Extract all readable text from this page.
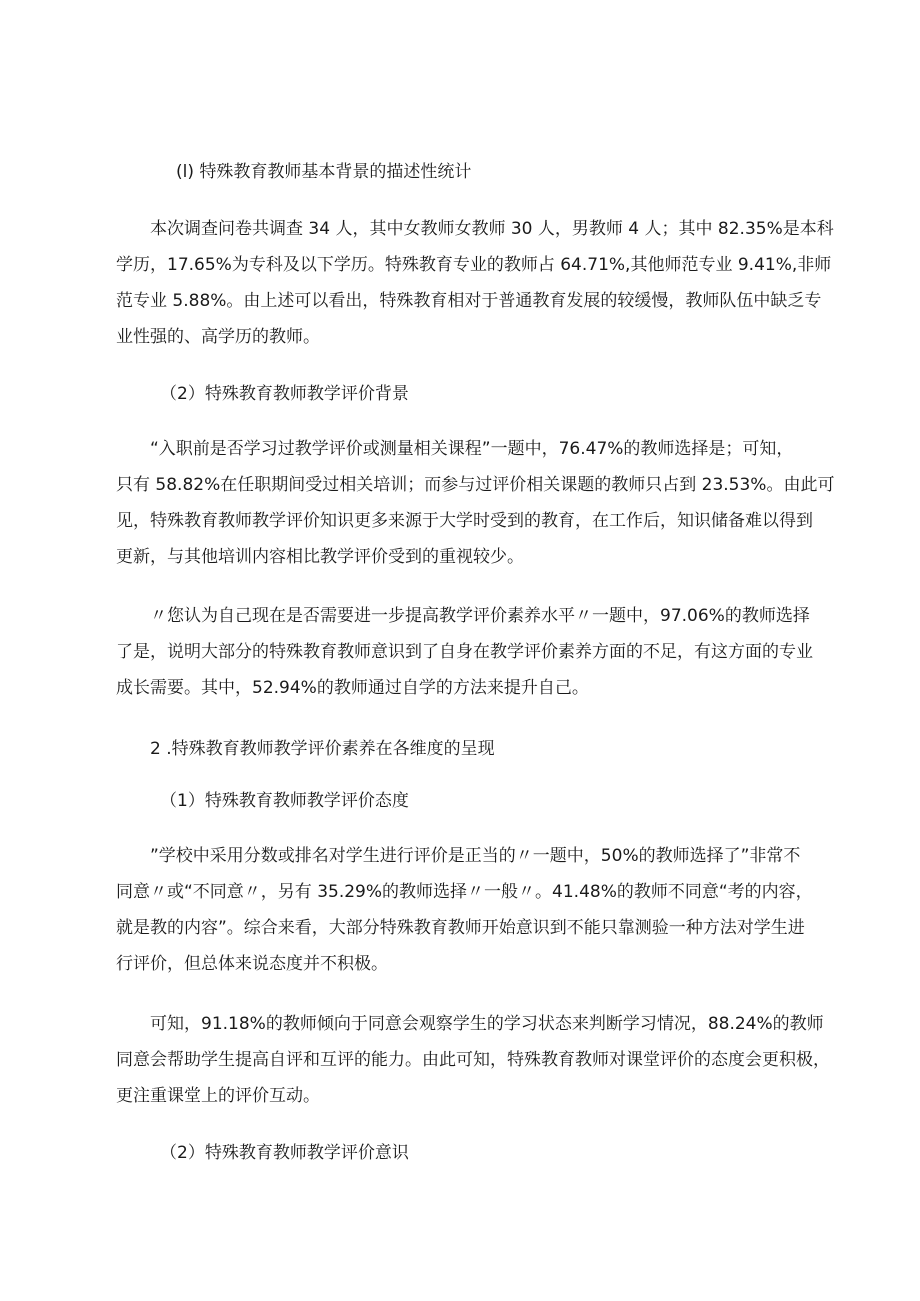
(l) 特殊教育教师基本背景的描述性统计
本次调查问卷共调查 34 人，其中女教师女教师 30 人，男教师 4 人；其中 82.35%是本科
学历，17.65%为专科及以下学历。特殊教育专业的教师占 64.71%,其他师范专业 9.41%,非师
范专业 5.88%。由上述可以看出，特殊教育相对于普通教育发展的较缓慢，教师队伍中缺乏专
业性强的、高学历的教师。
（2）特殊教育教师教学评价背景
“入职前是否学习过教学评价或测量相关课程”一题中，76.47%的教师选择是；可知，
只有 58.82%在任职期间受过相关培训；而参与过评价相关课题的教师只占到 23.53%。由此可
见，特殊教育教师教学评价知识更多来源于大学时受到的教育，在工作后，知识储备难以得到
更新，与其他培训内容相比教学评价受到的重视较少。
〃您认为自己现在是否需要进一步提高教学评价素养水平〃一题中，97.06%的教师选择
了是，说明大部分的特殊教育教师意识到了自身在教学评价素养方面的不足，有这方面的专业
成长需要。其中，52.94%的教师通过自学的方法来提升自己。
2 .特殊教育教师教学评价素养在各维度的呈现
（1）特殊教育教师教学评价态度
”学校中采用分数或排名对学生进行评价是正当的〃一题中，50%的教师选择了”非常不
同意〃或“不同意〃，另有 35.29%的教师选择〃一般〃。41.48%的教师不同意“考的内容，
就是教的内容”。综合来看，大部分特殊教育教师开始意识到不能只靠测验一种方法对学生进
行评价，但总体来说态度并不积极。
可知，91.18%的教师倾向于同意会观察学生的学习状态来判断学习情况，88.24%的教师
同意会帮助学生提高自评和互评的能力。由此可知，特殊教育教师对课堂评价的态度会更积极，
更注重课堂上的评价互动。
（2）特殊教育教师教学评价意识
